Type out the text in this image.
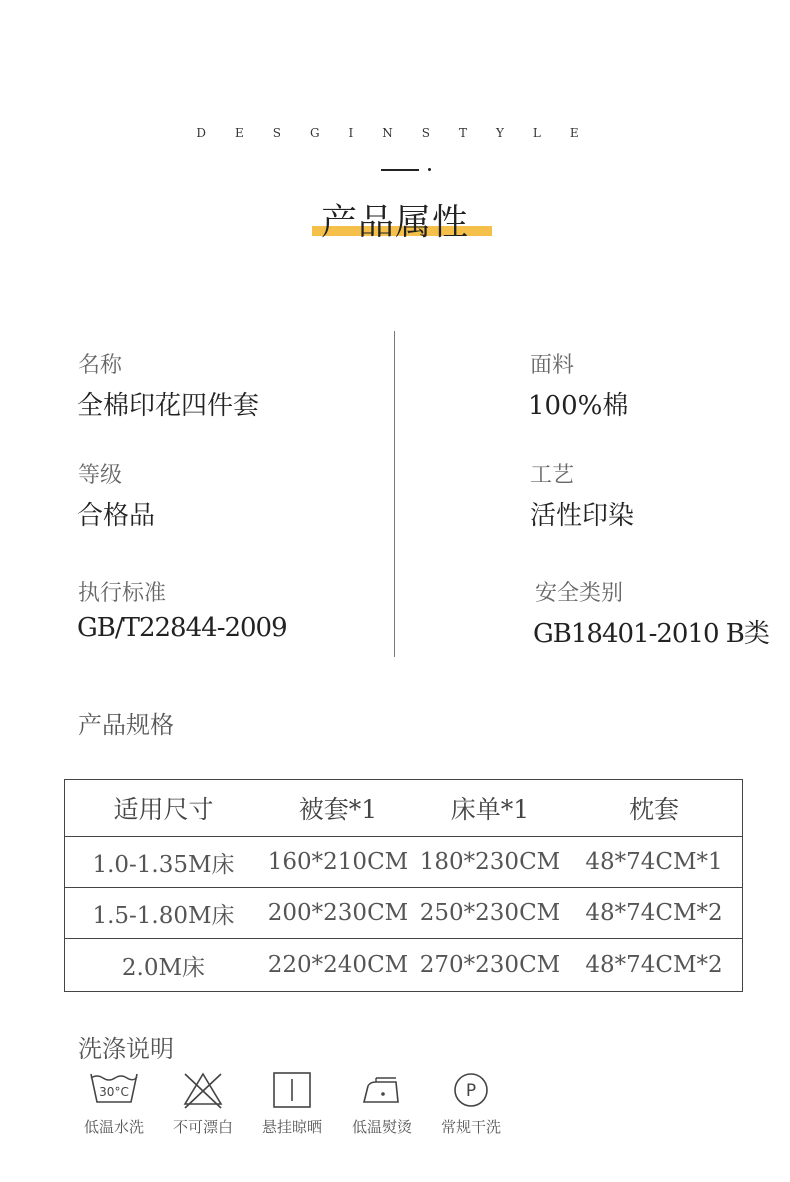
DESGINSTYLE
产品属性
名称
全棉印花四件套
面料
100%棉
等级
合格品
工艺
活性印染
执行标准
GB/T22844-2009
安全类别
GB18401-2010 B类
产品规格
适用尺寸	被套*1	床单*1	枕套
1.0-1.35M床	160*210CM	180*230CM	48*74CM*1
1.5-1.80M床	200*230CM	250*230CM	48*74CM*2
2.0M床	220*240CM	270*230CM	48*74CM*2
洗涤说明
30°C
低温水洗	不可漂白	悬挂晾晒	低温熨烫
P
常规干洗
